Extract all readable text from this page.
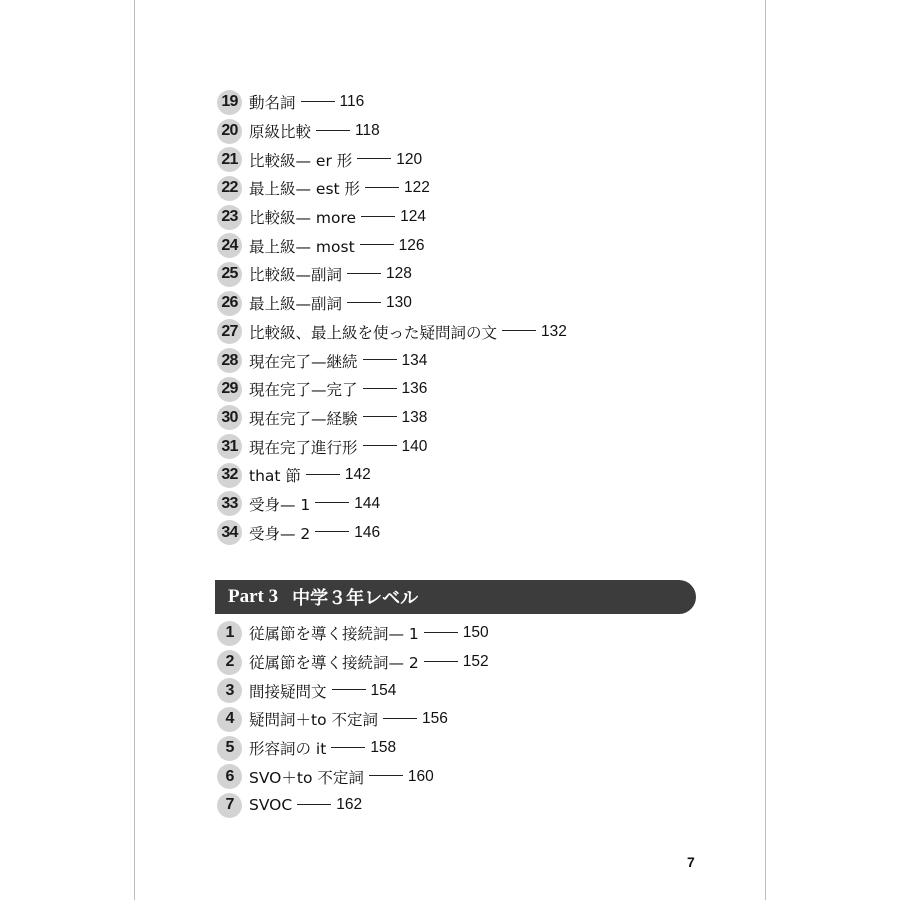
19 動名詞	116
20 原級比較	118
21 比較級— er 形	120
22 最上級— est 形	122
23 比較級— more	124
24 最上級— most	126
25 比較級—副詞	128
26 最上級—副詞	130
27 比較級、最上級を使った疑問詞の文	132
28 現在完了—継続	134
29 現在完了—完了	136
30 現在完了—経験	138
31 現在完了進行形	140
32 that 節	142
33 受身— 1	144
34 受身— 2	146
Part 3 中学３年レベル
1 従属節を導く接続詞— 1	150
2 従属節を導く接続詞— 2	152
3 間接疑問文	154
4 疑問詞＋to 不定詞	156
5 形容詞の it	158
6 SVO＋to 不定詞	160
7 SVOC	162
7
